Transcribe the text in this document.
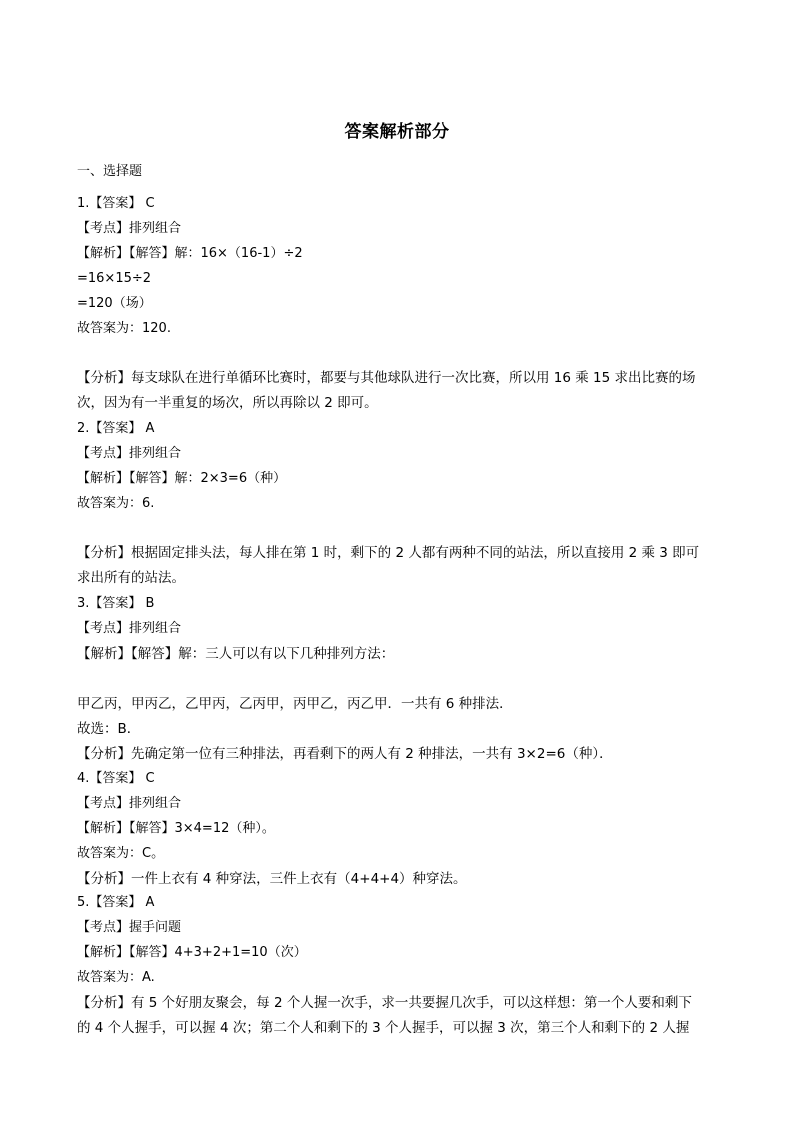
答案解析部分
一、选择题
1.【答案】 C
【考点】排列组合
【解析】【解答】解：16×（16-1）÷2
=16×15÷2
=120（场）
故答案为：120.
【分析】每支球队在进行单循环比赛时，都要与其他球队进行一次比赛，所以用 16 乘 15 求出比赛的场
次，因为有一半重复的场次，所以再除以 2 即可。
2.【答案】 A
【考点】排列组合
【解析】【解答】解：2×3=6（种）
故答案为：6.
【分析】根据固定排头法，每人排在第 1 时，剩下的 2 人都有两种不同的站法，所以直接用 2 乘 3 即可
求出所有的站法。
3.【答案】 B
【考点】排列组合
【解析】【解答】解：三人可以有以下几种排列方法：
甲乙丙，甲丙乙，乙甲丙，乙丙甲，丙甲乙，丙乙甲．一共有 6 种排法．
故选：B．
【分析】先确定第一位有三种排法，再看剩下的两人有 2 种排法，一共有 3×2=6（种）．
4.【答案】 C
【考点】排列组合
【解析】【解答】3×4=12（种）。
故答案为：C。
【分析】一件上衣有 4 种穿法，三件上衣有（4+4+4）种穿法。
5.【答案】 A
【考点】握手问题
【解析】【解答】4+3+2+1=10（次）
故答案为：A.
【分析】有 5 个好朋友聚会，每 2 个人握一次手，求一共要握几次手，可以这样想：第一个人要和剩下
的 4 个人握手，可以握 4 次；第二个人和剩下的 3 个人握手，可以握 3 次，第三个人和剩下的 2 人握
